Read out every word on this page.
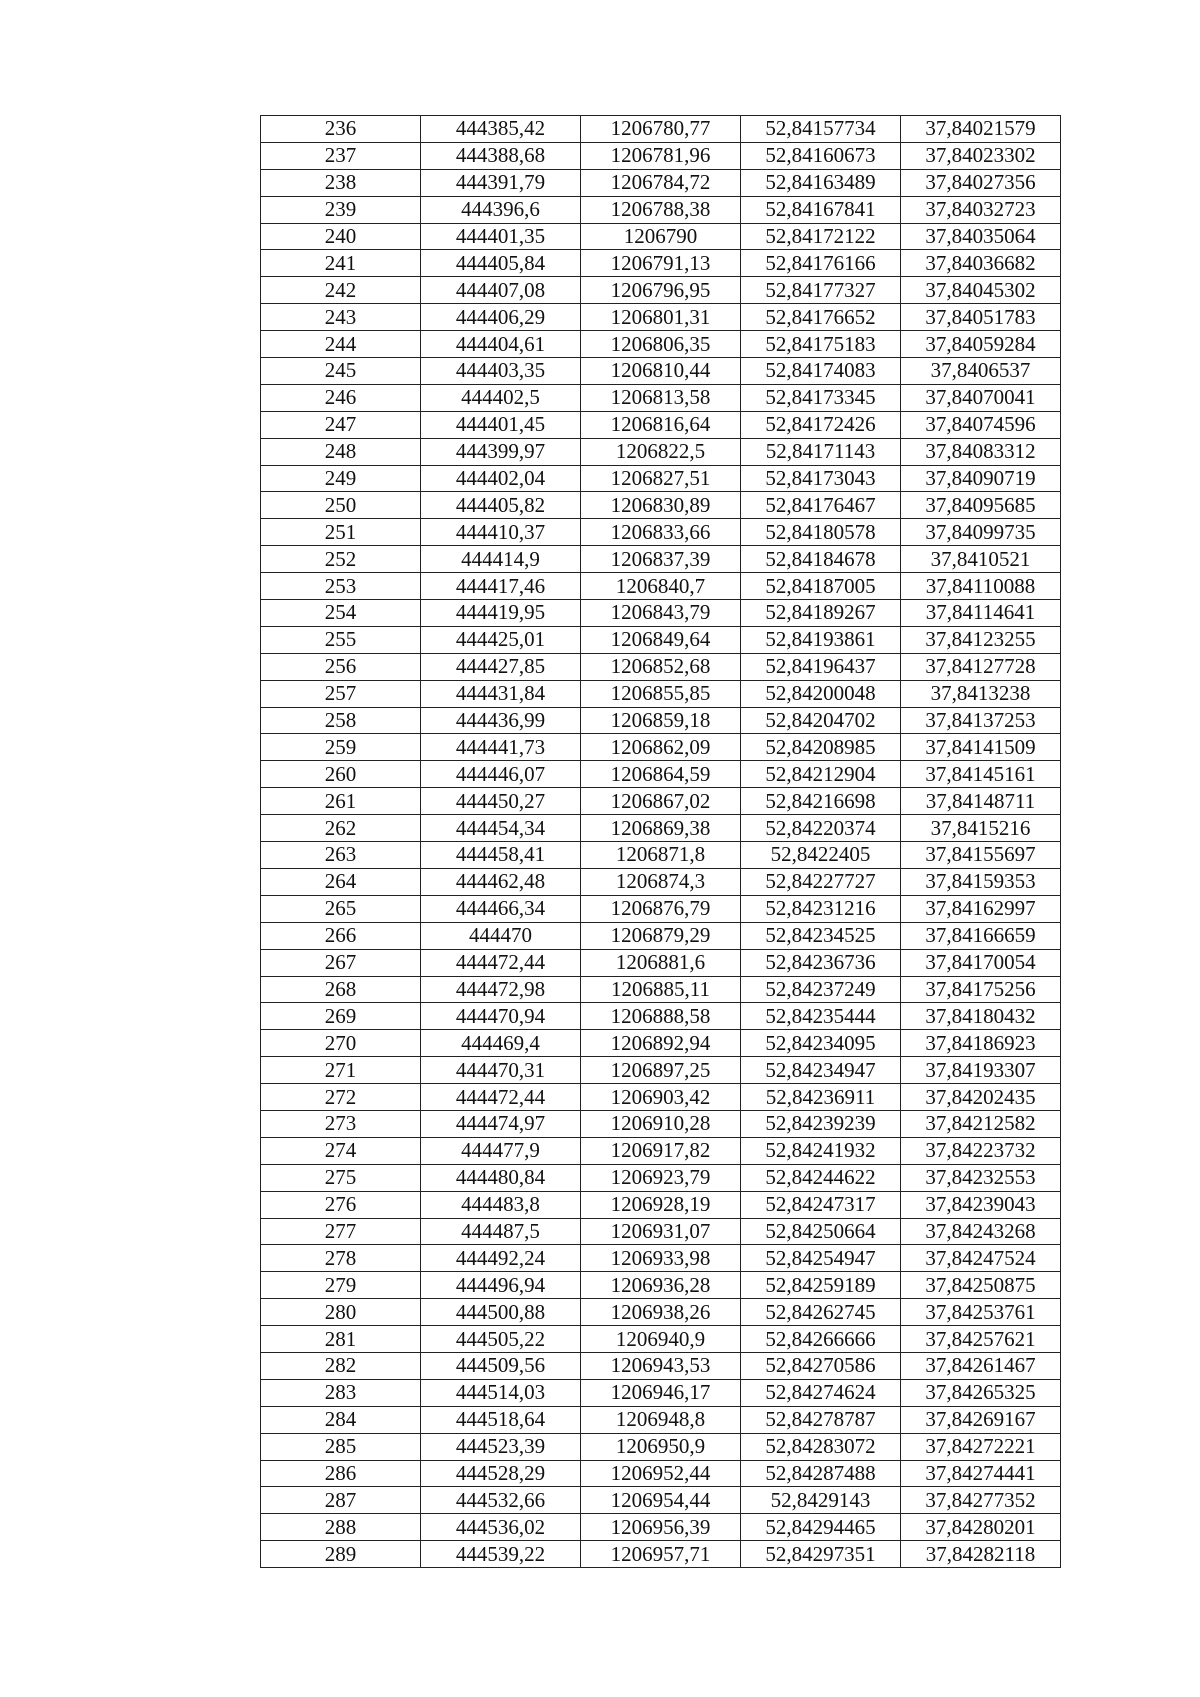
236	444385,42	1206780,77	52,84157734	37,84021579
237	444388,68	1206781,96	52,84160673	37,84023302
238	444391,79	1206784,72	52,84163489	37,84027356
239	444396,6	1206788,38	52,84167841	37,84032723
240	444401,35	1206790	52,84172122	37,84035064
241	444405,84	1206791,13	52,84176166	37,84036682
242	444407,08	1206796,95	52,84177327	37,84045302
243	444406,29	1206801,31	52,84176652	37,84051783
244	444404,61	1206806,35	52,84175183	37,84059284
245	444403,35	1206810,44	52,84174083	37,8406537
246	444402,5	1206813,58	52,84173345	37,84070041
247	444401,45	1206816,64	52,84172426	37,84074596
248	444399,97	1206822,5	52,84171143	37,84083312
249	444402,04	1206827,51	52,84173043	37,84090719
250	444405,82	1206830,89	52,84176467	37,84095685
251	444410,37	1206833,66	52,84180578	37,84099735
252	444414,9	1206837,39	52,84184678	37,8410521
253	444417,46	1206840,7	52,84187005	37,84110088
254	444419,95	1206843,79	52,84189267	37,84114641
255	444425,01	1206849,64	52,84193861	37,84123255
256	444427,85	1206852,68	52,84196437	37,84127728
257	444431,84	1206855,85	52,84200048	37,8413238
258	444436,99	1206859,18	52,84204702	37,84137253
259	444441,73	1206862,09	52,84208985	37,84141509
260	444446,07	1206864,59	52,84212904	37,84145161
261	444450,27	1206867,02	52,84216698	37,84148711
262	444454,34	1206869,38	52,84220374	37,8415216
263	444458,41	1206871,8	52,8422405	37,84155697
264	444462,48	1206874,3	52,84227727	37,84159353
265	444466,34	1206876,79	52,84231216	37,84162997
266	444470	1206879,29	52,84234525	37,84166659
267	444472,44	1206881,6	52,84236736	37,84170054
268	444472,98	1206885,11	52,84237249	37,84175256
269	444470,94	1206888,58	52,84235444	37,84180432
270	444469,4	1206892,94	52,84234095	37,84186923
271	444470,31	1206897,25	52,84234947	37,84193307
272	444472,44	1206903,42	52,84236911	37,84202435
273	444474,97	1206910,28	52,84239239	37,84212582
274	444477,9	1206917,82	52,84241932	37,84223732
275	444480,84	1206923,79	52,84244622	37,84232553
276	444483,8	1206928,19	52,84247317	37,84239043
277	444487,5	1206931,07	52,84250664	37,84243268
278	444492,24	1206933,98	52,84254947	37,84247524
279	444496,94	1206936,28	52,84259189	37,84250875
280	444500,88	1206938,26	52,84262745	37,84253761
281	444505,22	1206940,9	52,84266666	37,84257621
282	444509,56	1206943,53	52,84270586	37,84261467
283	444514,03	1206946,17	52,84274624	37,84265325
284	444518,64	1206948,8	52,84278787	37,84269167
285	444523,39	1206950,9	52,84283072	37,84272221
286	444528,29	1206952,44	52,84287488	37,84274441
287	444532,66	1206954,44	52,8429143	37,84277352
288	444536,02	1206956,39	52,84294465	37,84280201
289	444539,22	1206957,71	52,84297351	37,84282118
